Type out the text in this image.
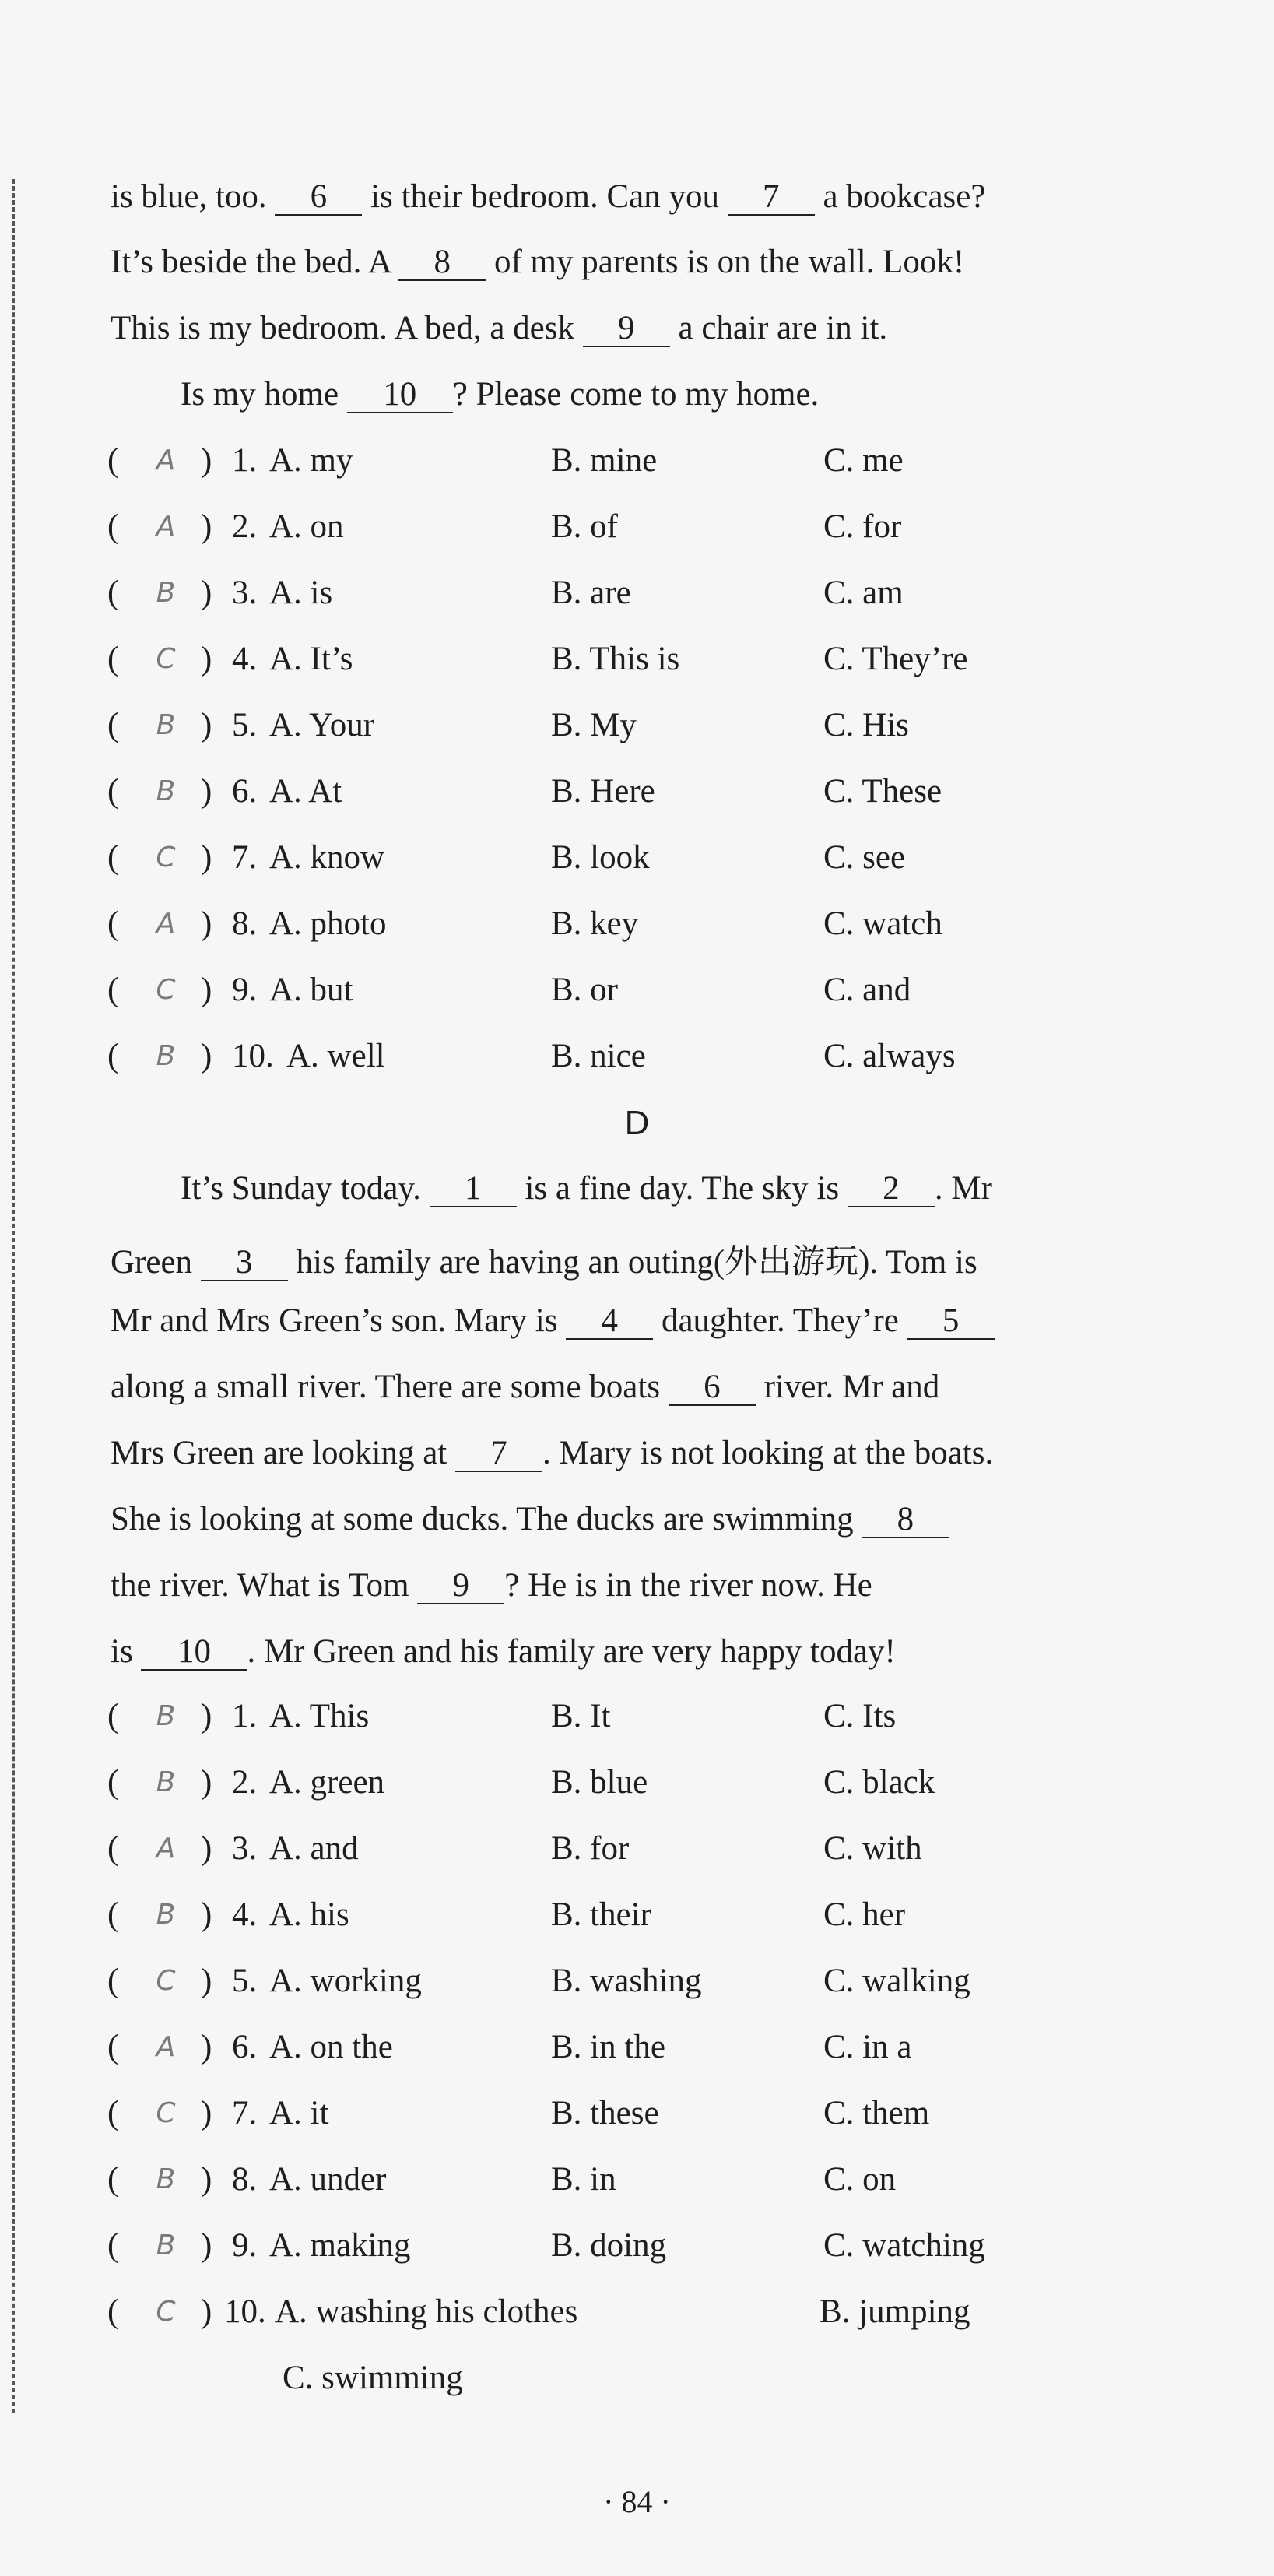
is blue, too. 6 is their bedroom. Can you 7 a bookcase?
It’s beside the bed. A 8 of my parents is on the wall. Look!
This is my bedroom. A bed, a desk 9 a chair are in it.
Is my home 10 ? Please come to my home.
( A ) 1. A. my	B. mine	C. me
( A ) 2. A. on	B. of	C. for
( B ) 3. A. is	B. are	C. am
( C ) 4. A. It’s	B. This is	C. They’re
( B ) 5. A. Your	B. My	C. His
( B ) 6. A. At	B. Here	C. These
( C ) 7. A. know	B. look	C. see
( A ) 8. A. photo	B. key	C. watch
( C ) 9. A. but	B. or	C. and
( B ) 10. A. well	B. nice	C. always
D
It’s Sunday today. 1 is a fine day. The sky is 2 . Mr
Green 3 his family are having an outing(外出游玩). Tom is
Mr and Mrs Green’s son. Mary is 4 daughter. They’re 5
along a small river. There are some boats 6 river. Mr and
Mrs Green are looking at 7 . Mary is not looking at the boats.
She is looking at some ducks. The ducks are swimming 8
the river. What is Tom 9 ? He is in the river now. He
is 10 . Mr Green and his family are very happy today!
( B ) 1. A. This	B. It	C. Its
( B ) 2. A. green	B. blue	C. black
( A ) 3. A. and	B. for	C. with
( B ) 4. A. his	B. their	C. her
( C ) 5. A. working	B. washing	C. walking
( A ) 6. A. on the	B. in the	C. in a
( C ) 7. A. it	B. these	C. them
( B ) 8. A. under	B. in	C. on
( B ) 9. A. making	B. doing	C. watching
( C ) 10. A. washing his clothes	B. jumping
C. swimming
· 84 ·
